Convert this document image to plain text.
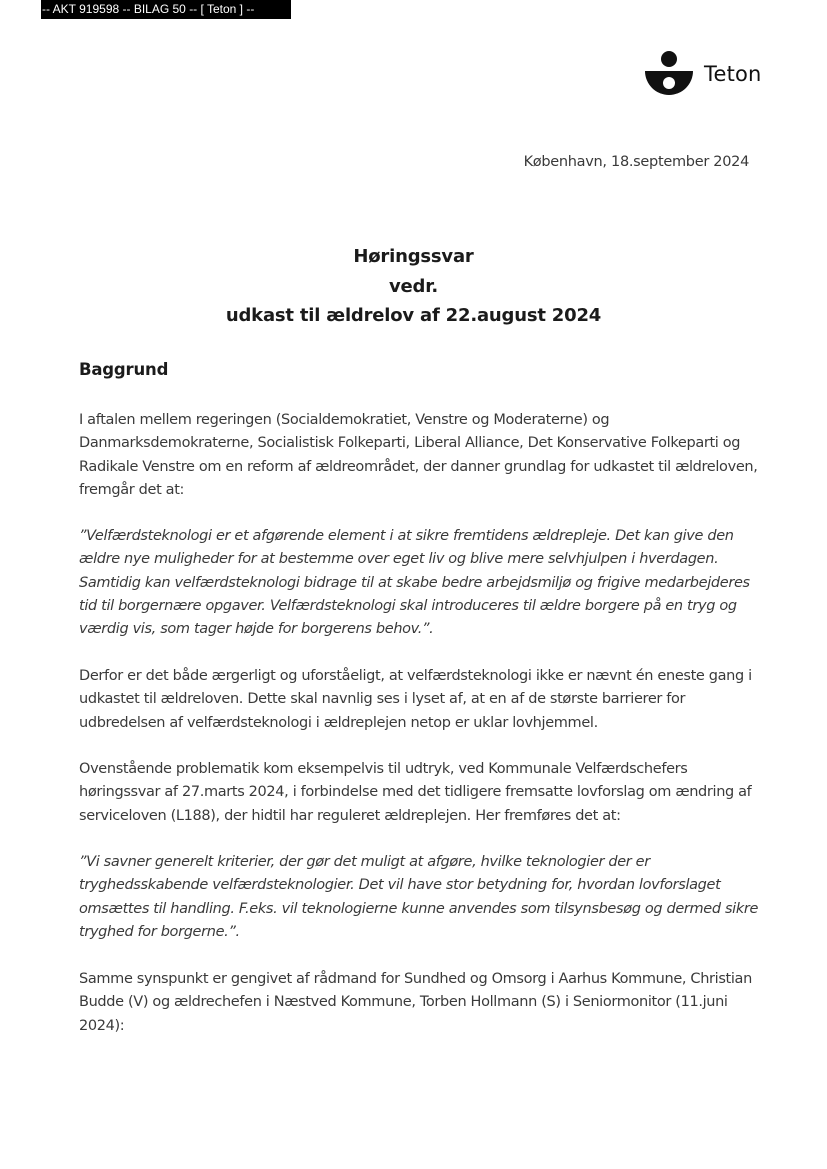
-- AKT 919598 -- BILAG 50 -- [ Teton ] --
Teton
København, 18.september 2024
Høringssvar
vedr.
udkast til ældrelov af 22.august 2024
Baggrund

I aftalen mellem regeringen (Socialdemokratiet, Venstre og Moderaterne) og
Danmarksdemokraterne, Socialistisk Folkeparti, Liberal Alliance, Det Konservative Folkeparti og
Radikale Venstre om en reform af ældreområdet, der danner grundlag for udkastet til ældreloven,
fremgår det at:

”Velfærdsteknologi er et afgørende element i at sikre fremtidens ældrepleje. Det kan give den
ældre nye muligheder for at bestemme over eget liv og blive mere selvhjulpen i hverdagen.
Samtidig kan velfærdsteknologi bidrage til at skabe bedre arbejdsmiljø og frigive medarbejderes
tid til borgernære opgaver. Velfærdsteknologi skal introduceres til ældre borgere på en tryg og
værdig vis, som tager højde for borgerens behov.”.

Derfor er det både ærgerligt og uforståeligt, at velfærdsteknologi ikke er nævnt én eneste gang i
udkastet til ældreloven. Dette skal navnlig ses i lyset af, at en af de største barrierer for
udbredelsen af velfærdsteknologi i ældreplejen netop er uklar lovhjemmel.

Ovenstående problematik kom eksempelvis til udtryk, ved Kommunale Velfærdschefers
høringssvar af 27.marts 2024, i forbindelse med det tidligere fremsatte lovforslag om ændring af
serviceloven (L188), der hidtil har reguleret ældreplejen. Her fremføres det at:

”Vi savner generelt kriterier, der gør det muligt at afgøre, hvilke teknologier der er
tryghedsskabende velfærdsteknologier. Det vil have stor betydning for, hvordan lovforslaget
omsættes til handling. F.eks. vil teknologierne kunne anvendes som tilsynsbesøg og dermed sikre
tryghed for borgerne.”.

Samme synspunkt er gengivet af rådmand for Sundhed og Omsorg i Aarhus Kommune, Christian
Budde (V) og ældrechefen i Næstved Kommune, Torben Hollmann (S) i Seniormonitor (11.juni
2024):
